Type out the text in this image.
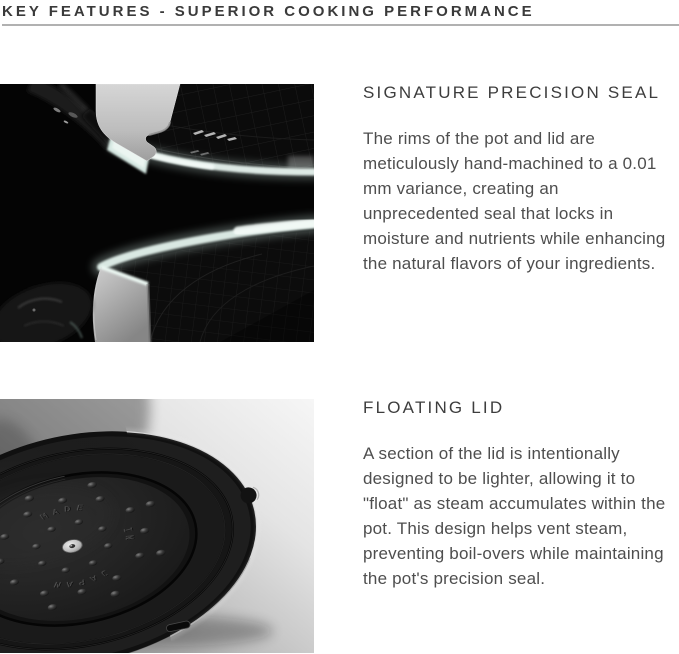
KEY FEATURES - SUPERIOR COOKING PERFORMANCE
SIGNATURE PRECISION SEAL

The rims of the pot and lid are meticulously hand-machined to a 0.01 mm variance, creating an unprecedented seal that locks in moisture and nutrients while enhancing the natural flavors of your ingredients.

MADE
IN
JAPAN
FLOATING LID

A section of the lid is intentionally designed to be lighter, allowing it to "float" as steam accumulates within the pot. This design helps vent steam, preventing boil-overs while maintaining the pot's precision seal.
